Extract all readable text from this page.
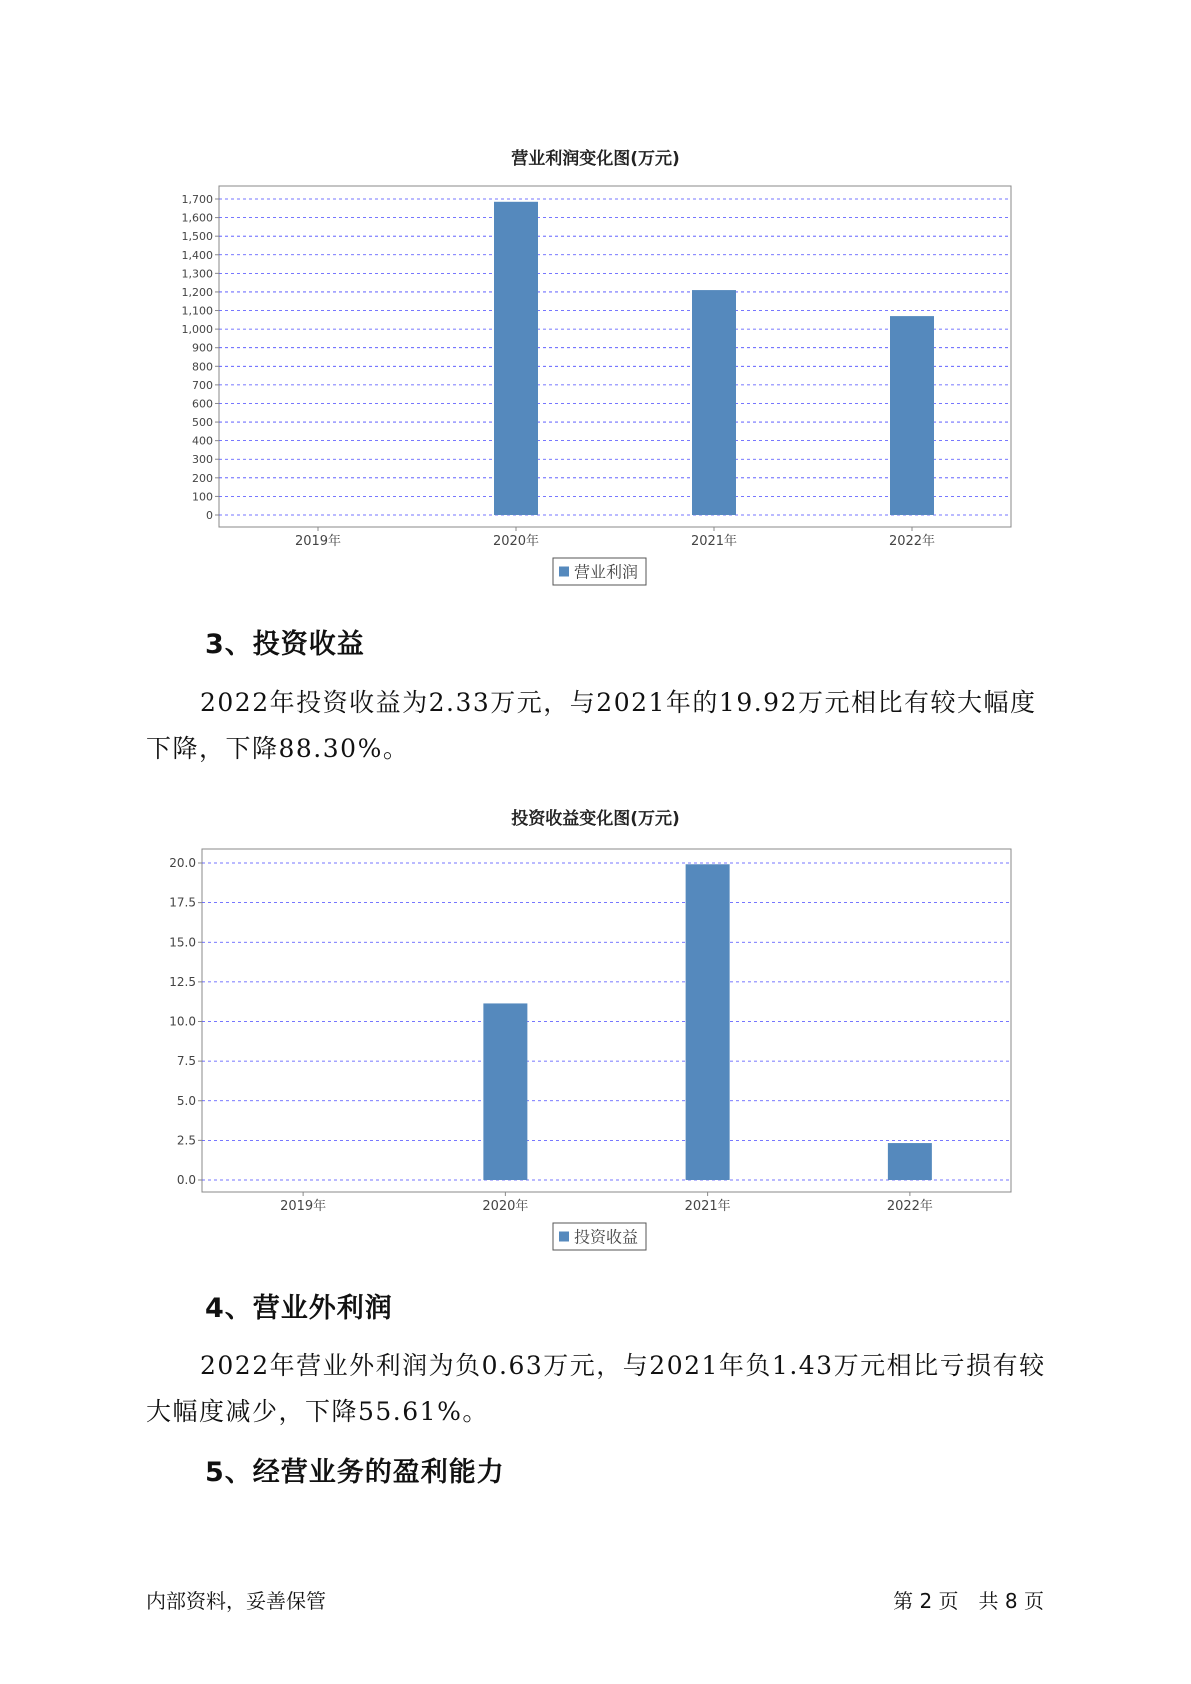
营业利润变化图(万元)
0
100
200
300
400
500
600
700
800
900
1,000
1,100
1,200
1,300
1,400
1,500
1,600
1,700
2019年	2020年	2021年	2022年
营业利润
3、投资收益

2022年投资收益为2.33万元，与2021年的19.92万元相比有较大幅度下降，下降88.30%。

投资收益变化图(万元)
0.0
2.5
5.0
7.5
10.0
12.5
15.0
17.5
20.0
2019年	2020年	2021年	2022年
投资收益
4、营业外利润

2022年营业外利润为负0.63万元，与2021年负1.43万元相比亏损有较大幅度减少，下降55.61%。

5、经营业务的盈利能力
内部资料，妥善保管	第 2 页　共 8 页
